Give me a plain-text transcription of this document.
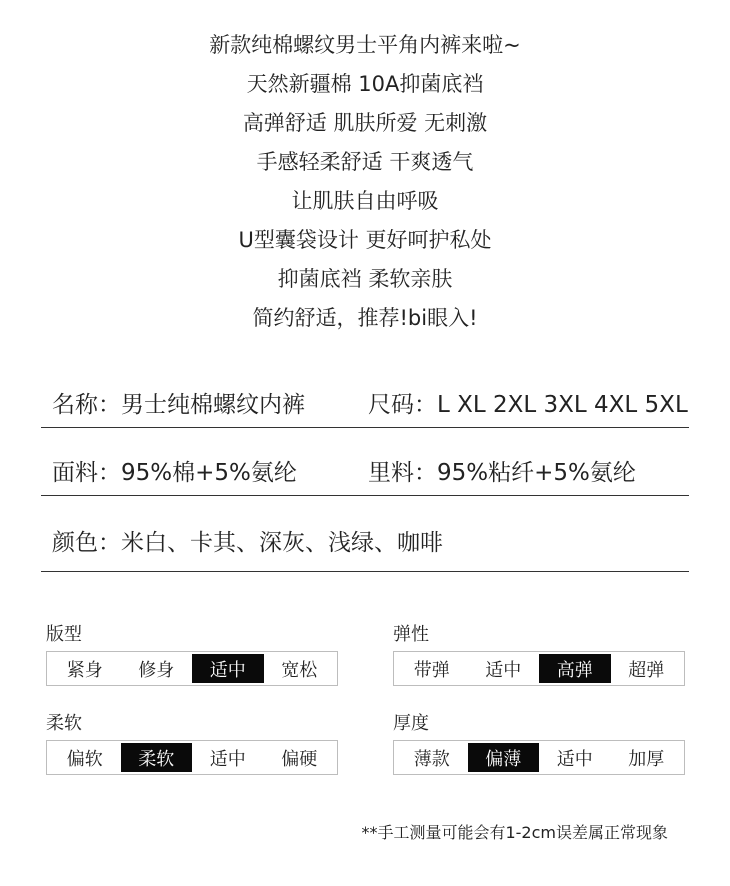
新款纯棉螺纹男士平角内裤来啦~
天然新疆棉 10A抑菌底裆
高弹舒适 肌肤所爱 无刺激
手感轻柔舒适 干爽透气
让肌肤自由呼吸
U型囊袋设计 更好呵护私处
抑菌底裆 柔软亲肤
简约舒适，推荐!bi眼入!
名称：男士纯棉螺纹内裤	尺码：L XL 2XL 3XL 4XL 5XL
面料：95%棉+5%氨纶	里料：95%粘纤+5%氨纶
颜色：米白、卡其、深灰、浅绿、咖啡
版型
紧身	修身	适中	宽松
弹性
带弹	适中	高弹	超弹
柔软
偏软	柔软	适中	偏硬
厚度
薄款	偏薄	适中	加厚
**手工测量可能会有1-2cm误差属正常现象
